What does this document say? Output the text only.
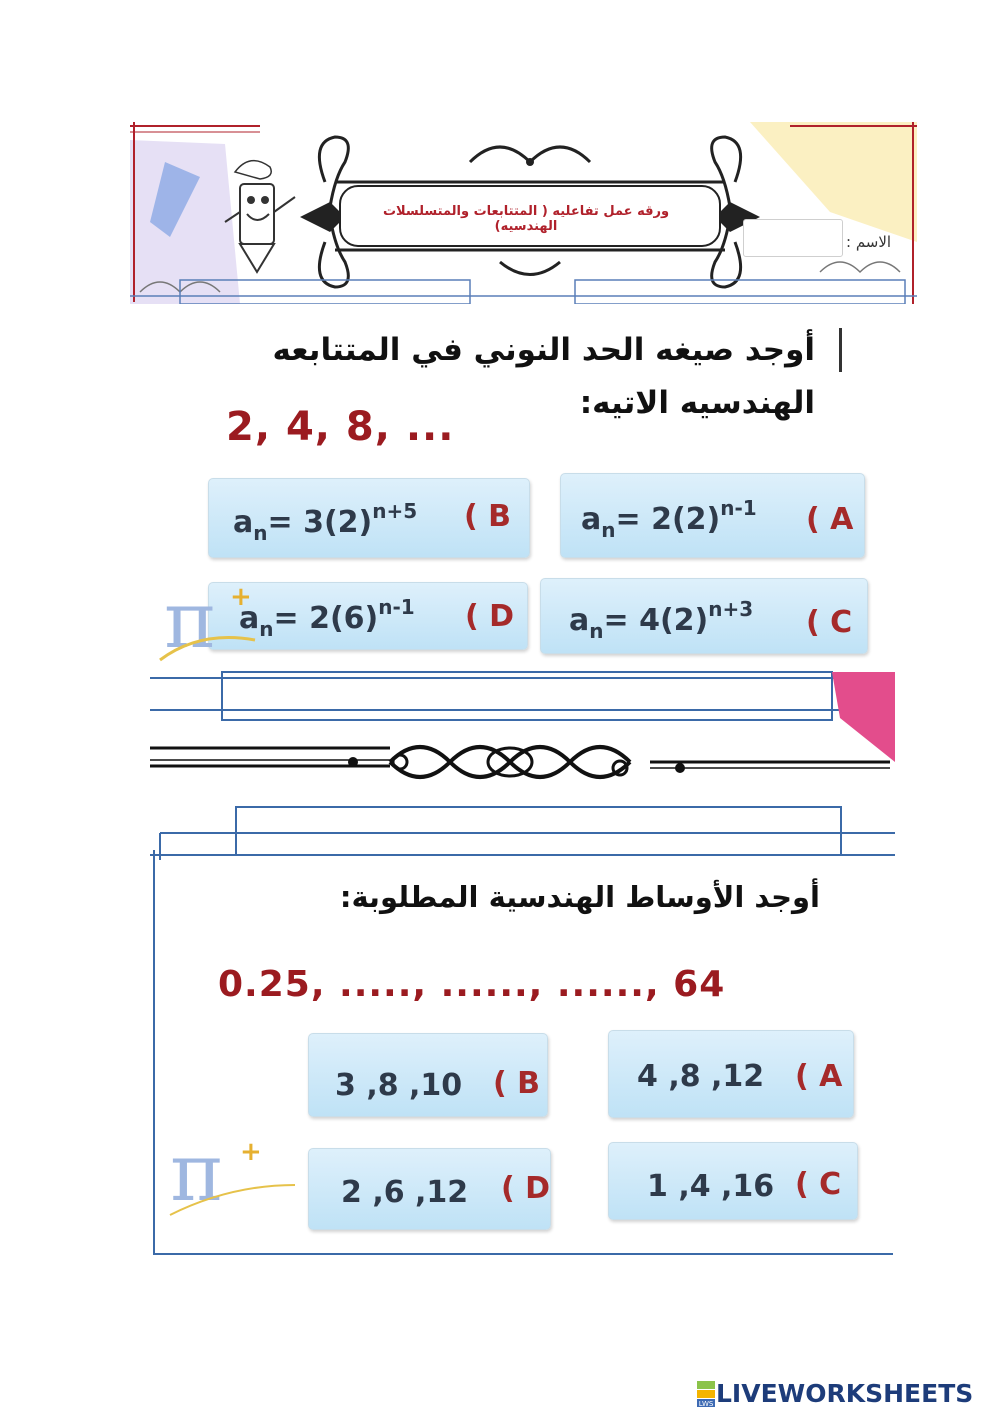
ورقه عمل تفاعليه ( المتتابعات والمتسلسلات الهندسيه)
الاسم :
أوجد صيغه الحد النوني في المتتابعه
الهندسيه الاتيه:
2, 4, 8, ...
$a_n= 2(2)^{n-1}$ ( A
$a_n= 3(2)^{n+5}$ ( B
$a_n= 4(2)^{n+3}$ ( C
$a_n= 2(6)^{n-1}$ ( D
π +
أوجد الأوساط الهندسية المطلوبة:
0.25, ....., ......, ......, 64
4 ,8 ,12 ( A
3 ,8 ,10 ( B
1 ,4 ,16 ( C
2 ,6 ,12 ( D
π +
LWS LIVEWORKSHEETS
